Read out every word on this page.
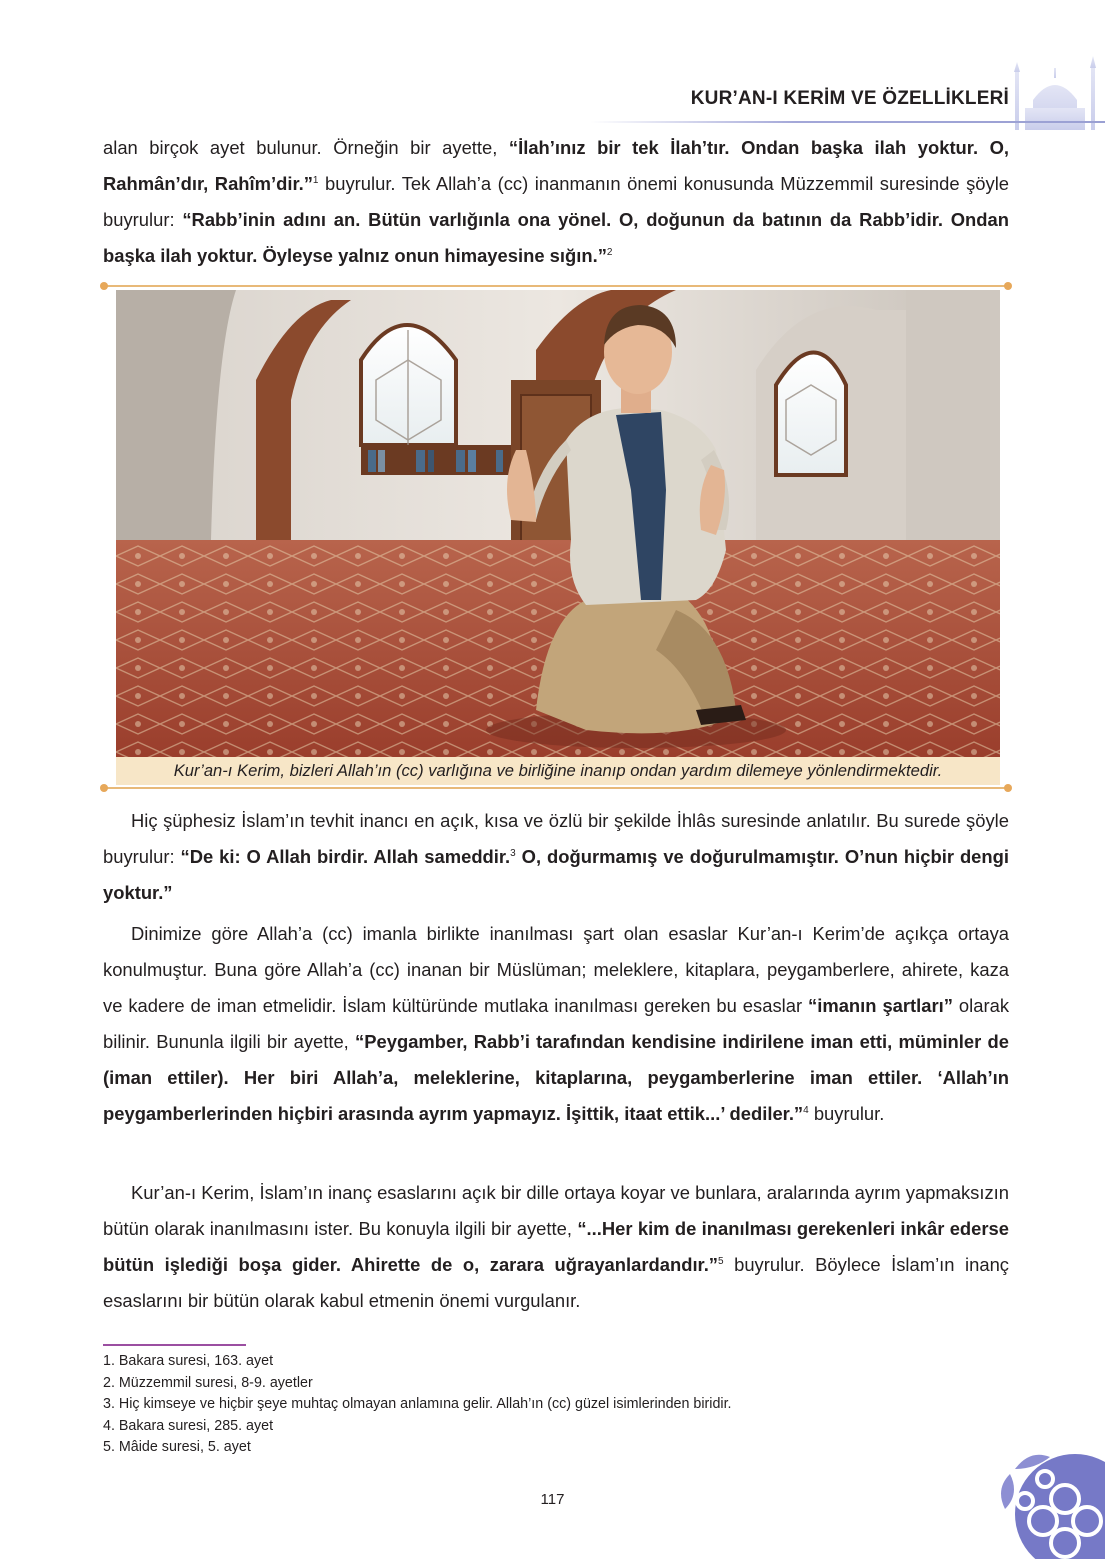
KUR’AN-I KERİM VE ÖZELLİKLERİ

alan birçok ayet bulunur. Örneğin bir ayette, “İlah’ınız bir tek İlah’tır. Ondan başka ilah yoktur. O, Rahmân’dır, Rahîm’dir.”$^1$ buyrulur. Tek Allah’a (cc) inanmanın önemi konusunda Müzzemmil suresinde şöyle buyrulur: “Rabb’inin adını an. Bütün varlığınla ona yönel. O, doğunun da batının da Rabb’idir. Ondan başka ilah yoktur. Öyleyse yalnız onun himayesine sığın.”$^2$

Kur’an-ı Kerim, bizleri Allah’ın (cc) varlığına ve birliğine inanıp ondan yardım dilemeye yönlendirmektedir.

Hiç şüphesiz İslam’ın tevhit inancı en açık, kısa ve özlü bir şekilde İhlâs suresinde anlatılır. Bu surede şöyle buyrulur: “De ki: O Allah birdir. Allah sameddir.$^3$ O, doğurmamış ve doğurulmamıştır. O’nun hiçbir dengi yoktur.”

Dinimize göre Allah’a (cc) imanla birlikte inanılması şart olan esaslar Kur’an-ı Kerim’de açıkça ortaya konulmuştur. Buna göre Allah’a (cc) inanan bir Müslüman; meleklere, kitaplara, peygamberlere, ahirete, kaza ve kadere de iman etmelidir. İslam kültüründe mutlaka inanılması gereken bu esaslar “imanın şartları” olarak bilinir. Bununla ilgili bir ayette, “Peygamber, Rabb’i tarafından kendisine indirilene iman etti, müminler de (iman ettiler). Her biri Allah’a, meleklerine, kitaplarına, peygamberlerine iman ettiler. ‘Allah’ın peygamberlerinden hiçbiri arasında ayrım yapmayız. İşittik, itaat ettik...’ dediler.”$^4$ buyrulur.

Kur’an-ı Kerim, İslam’ın inanç esaslarını açık bir dille ortaya koyar ve bunlara, aralarında ayrım yapmaksızın bütün olarak inanılmasını ister. Bu konuyla ilgili bir ayette, “...Her kim de inanılması gerekenleri inkâr ederse bütün işlediği boşa gider. Ahirette de o, zarara uğrayanlardandır.”$^5$ buyrulur. Böylece İslam’ın inanç esaslarını bir bütün olarak kabul etmenin önemi vurgulanır.

1. Bakara suresi, 163. ayet
2. Müzzemmil suresi, 8-9. ayetler
3. Hiç kimseye ve hiçbir şeye muhtaç olmayan anlamına gelir. Allah’ın (cc) güzel isimlerinden biridir.
4. Bakara suresi, 285. ayet
5. Mâide suresi, 5. ayet
117
